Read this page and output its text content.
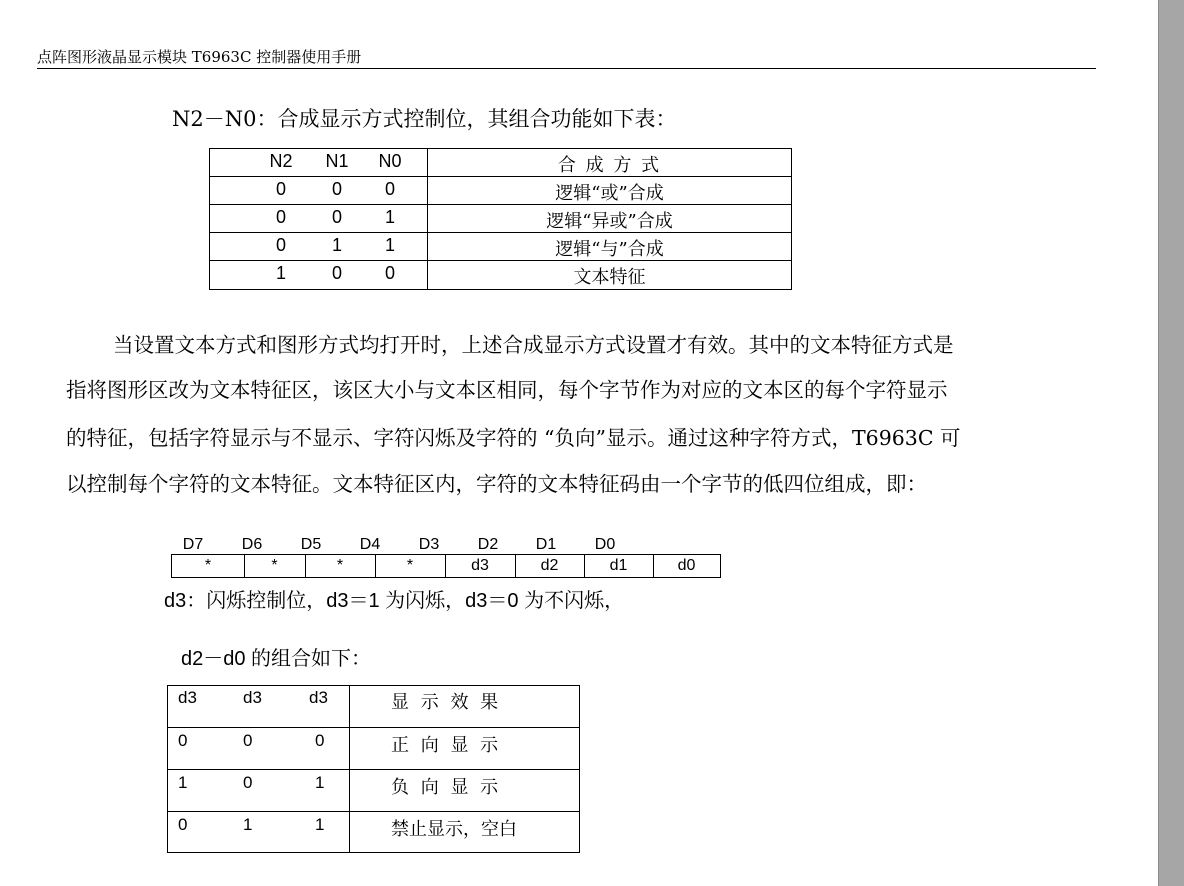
点阵图形液晶显示模块 T6963C 控制器使用手册
N2－N0：合成显示方式控制位，其组合功能如下表：
N2	N1	N0	合 成 方 式
0	0	0	逻辑“或”合成
0	0	1	逻辑“异或”合成
0	1	1	逻辑“与”合成
1	0	0	文本特征
当设置文本方式和图形方式均打开时，上述合成显示方式设置才有效。其中的文本特征方式是
指将图形区改为文本特征区，该区大小与文本区相同，每个字节作为对应的文本区的每个字符显示
的特征，包括字符显示与不显示、字符闪烁及字符的 “负向”显示。通过这种字符方式，T6963C 可
以控制每个字符的文本特征。文本特征区内，字符的文本特征码由一个字节的低四位组成，即：
D7	D6	D5	D4	D3	D2	D1	D0
*	*	*	*	d3	d2	d1	d0
d3：闪烁控制位，d3＝1 为闪烁，d3＝0 为不闪烁，
d2－d0 的组合如下：
d3	d3	d3	显 示 效 果
0	0	0	正 向 显 示
1	0	1	负 向 显 示
0	1	1	禁止显示，空白
